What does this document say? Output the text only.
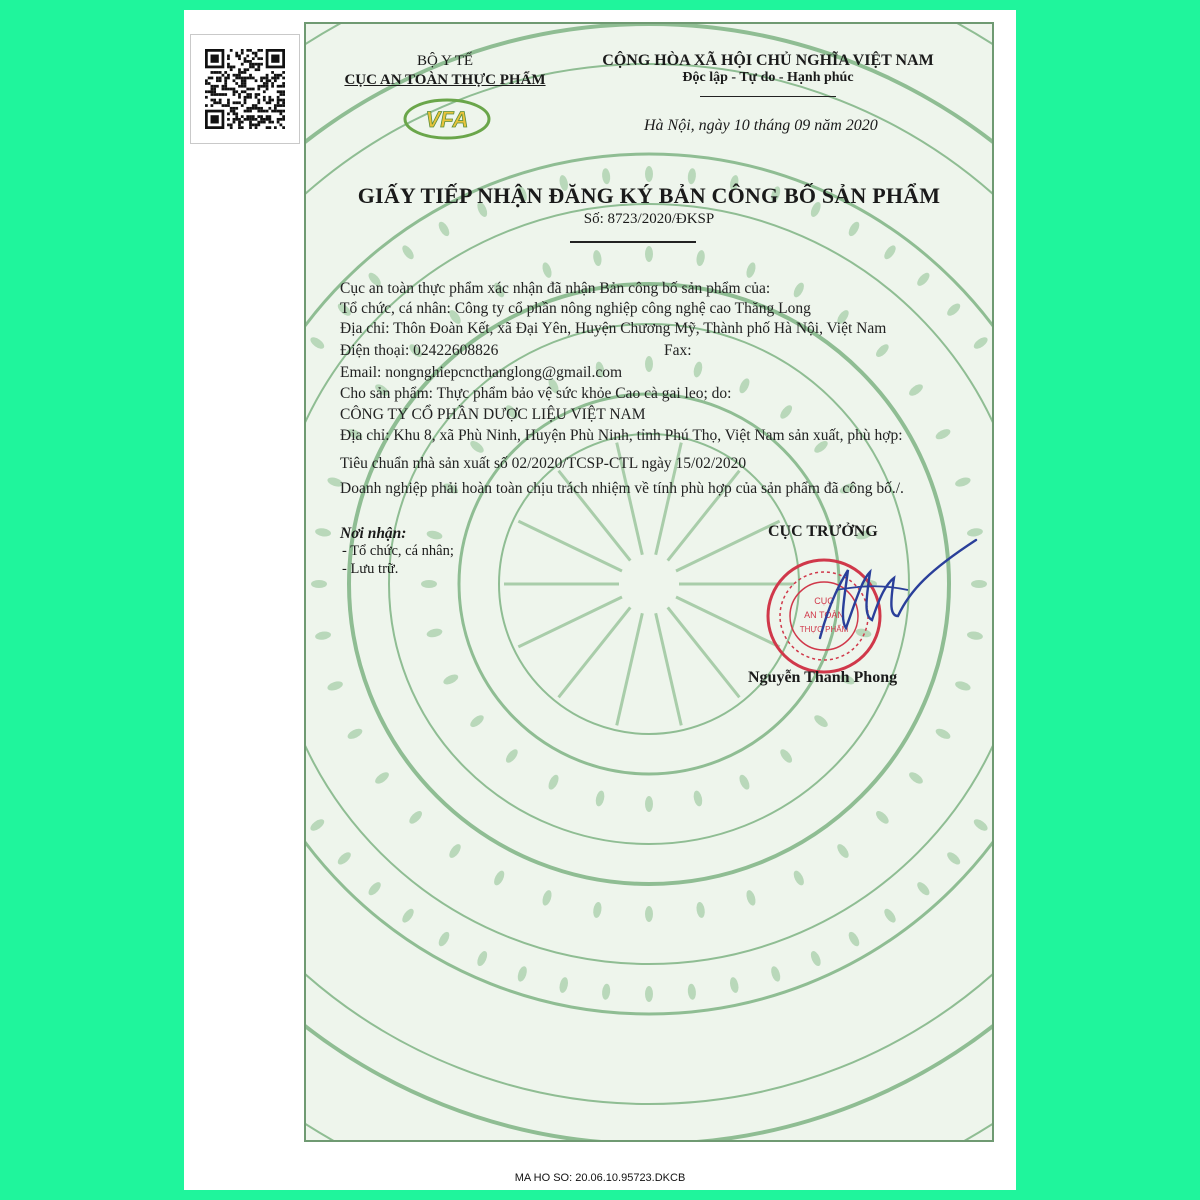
VFA
BỘ Y TẾ
CỤC AN TOÀN THỰC PHẨM
CỘNG HÒA XÃ HỘI CHỦ NGHĨA VIỆT NAM
Độc lập - Tự do - Hạnh phúc
Hà Nội, ngày 10 tháng 09 năm 2020
GIẤY TIẾP NHẬN ĐĂNG KÝ BẢN CÔNG BỐ SẢN PHẨM
Số: 8723/2020/ĐKSP
Cục an toàn thực phẩm xác nhận đã nhận Bản công bố sản phẩm của:
Tổ chức, cá nhân: Công ty cổ phần nông nghiệp công nghệ cao Thăng Long
Địa chỉ: Thôn Đoàn Kết, xã Đại Yên, Huyện Chương Mỹ, Thành phố Hà Nội, Việt Nam
Điện thoại: 02422608826	Fax:
Email: nongnghiepcncthanglong@gmail.com
Cho sản phẩm: Thực phẩm bảo vệ sức khỏe Cao cà gai leo; do:
CÔNG TY CỔ PHẦN DƯỢC LIỆU VIỆT NAM
Địa chỉ: Khu 8, xã Phù Ninh, Huyện Phù Ninh, tỉnh Phú Thọ, Việt Nam sản xuất, phù hợp:
Tiêu chuẩn nhà sản xuất số 02/2020/TCSP-CTL ngày 15/02/2020
Doanh nghiệp phải hoàn toàn chịu trách nhiệm về tính phù hợp của sản phẩm đã công bố./.
Nơi nhận:
- Tổ chức, cá nhân;
- Lưu trữ.
CỤC TRƯỞNG
CỤC
AN TOÀN
THỰC PHẨM
Nguyễn Thanh Phong
MA HO SO: 20.06.10.95723.DKCB
